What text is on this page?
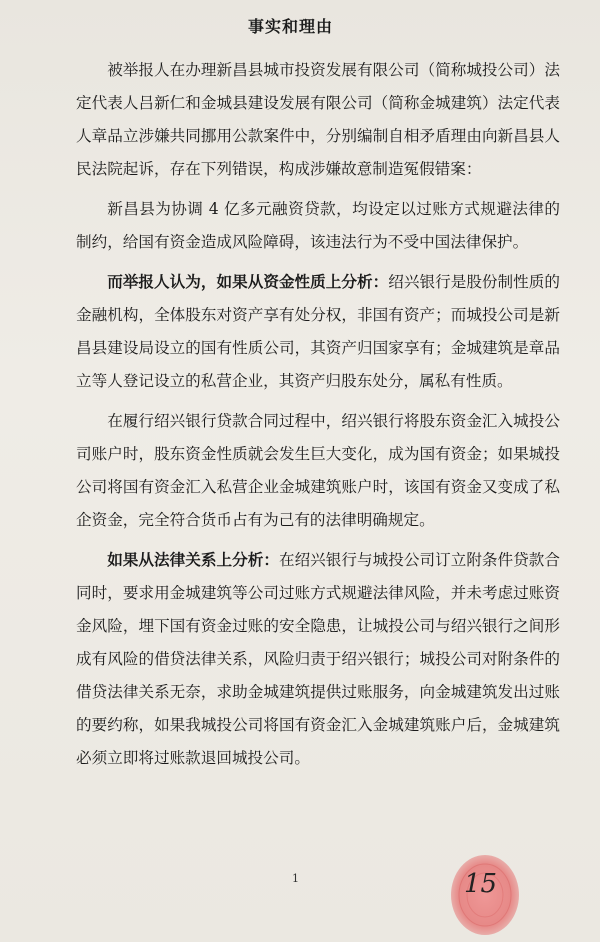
事实和理由

被举报人在办理新昌县城市投资发展有限公司（简称城投公司）法定代表人吕新仁和金城县建设发展有限公司（简称金城建筑）法定代表人章品立涉嫌共同挪用公款案件中，分别编制自相矛盾理由向新昌县人民法院起诉，存在下列错误，构成涉嫌故意制造冤假错案：

新昌县为协调 4 亿多元融资贷款，均设定以过账方式规避法律的制约，给国有资金造成风险障碍，该违法行为不受中国法律保护。

而举报人认为，如果从资金性质上分析：绍兴银行是股份制性质的金融机构，全体股东对资产享有处分权，非国有资产；而城投公司是新昌县建设局设立的国有性质公司，其资产归国家享有；金城建筑是章品立等人登记设立的私营企业，其资产归股东处分，属私有性质。

在履行绍兴银行贷款合同过程中，绍兴银行将股东资金汇入城投公司账户时，股东资金性质就会发生巨大变化，成为国有资金；如果城投公司将国有资金汇入私营企业金城建筑账户时，该国有资金又变成了私企资金，完全符合货币占有为己有的法律明确规定。

如果从法律关系上分析：在绍兴银行与城投公司订立附条件贷款合同时，要求用金城建筑等公司过账方式规避法律风险，并未考虑过账资金风险，埋下国有资金过账的安全隐患，让城投公司与绍兴银行之间形成有风险的借贷法律关系，风险归责于绍兴银行；城投公司对附条件的借贷法律关系无奈，求助金城建筑提供过账服务，向金城建筑发出过账的要约称，如果我城投公司将国有资金汇入金城建筑账户后，金城建筑必须立即将过账款退回城投公司。

1	15
